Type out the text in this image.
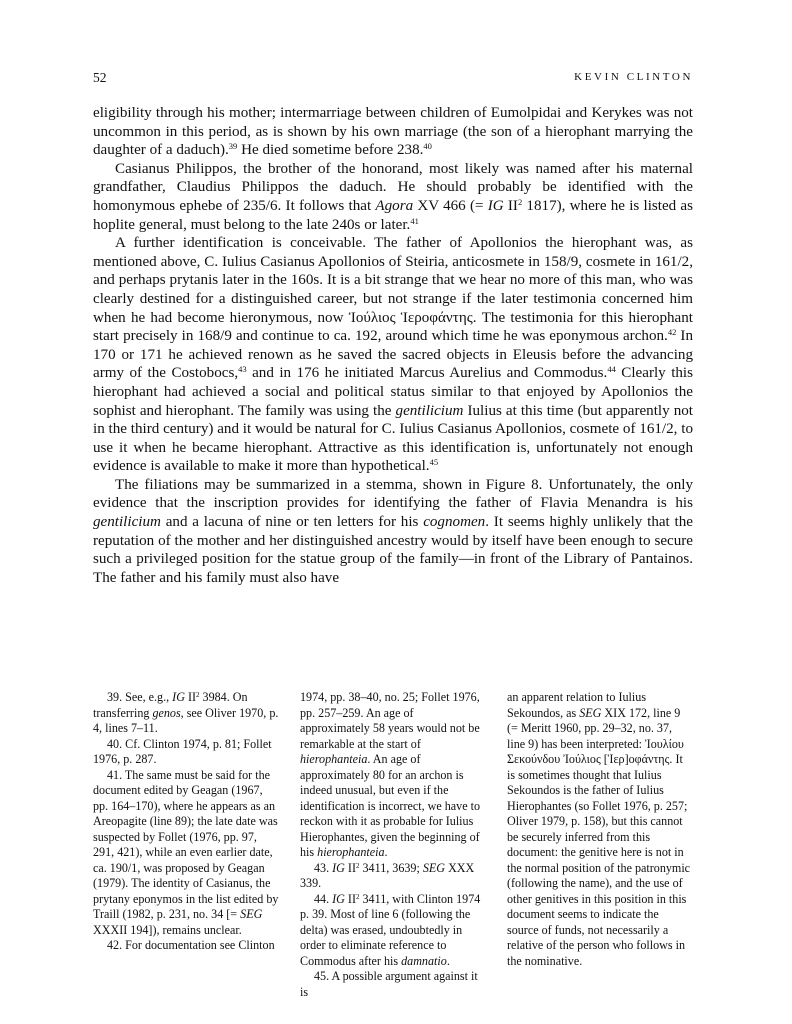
52	KEVIN CLINTON

eligibility through his mother; intermarriage between children of Eumolpidai and Kerykes was not uncommon in this period, as is shown by his own marriage (the son of a hierophant marrying the daughter of a daduch).$^{39}$ He died sometime before 238.40

Casianus Philippos, the brother of the honorand, most likely was named after his maternal grandfather, Claudius Philippos the daduch. He should probably be identified with the homonymous ephebe of 235/6. It follows that Agora XV 466 (= IG $II^2$ 1817), where he is listed as hoplite general, must belong to the late 240s or later.$^{41}$

A further identification is conceivable. The father of Apollonios the hierophant was, as mentioned above, C. Iulius Casianus Apollonios of Steiria, anticosmete in 158/9, cosmete in 161/2, and perhaps prytanis later in the 160s. It is a bit strange that we hear no more of this man, who was clearly destined for a distinguished career, but not strange if the later testimonia concerned him when he had become hieronymous, now Ἰούλιος Ἱεροφάντης. The testimonia for this hierophant start precisely in 168/9 and continue to ca. 192, around which time he was eponymous archon.$^{42}$ In 170 or 171 he achieved renown as he saved the sacred objects in Eleusis before the advancing army of the Costobocs,$^{43}$ and in 176 he initiated Marcus Aurelius and Commodus.$^{44}$ Clearly this hierophant had achieved a social and political status similar to that enjoyed by Apollonios the sophist and hierophant. The family was using the gentilicium Iulius at this time (but apparently not in the third century) and it would be natural for C. Iulius Casianus Apollonios, cosmete of 161/2, to use it when he became hierophant. Attractive as this identification is, unfortunately not enough evidence is available to make it more than hypothetical.$^{45}$

The filiations may be summarized in a stemma, shown in Figure 8. Unfortunately, the only evidence that the inscription provides for identifying the father of Flavia Menandra is his gentilicium and a lacuna of nine or ten letters for his cognomen. It seems highly unlikely that the reputation of the mother and her distinguished ancestry would by itself have been enough to secure such a privileged position for the statue group of the family—in front of the Library of Pantainos. The father and his family must also have

39. See, e.g., IG $II^2$ 3984. On transferring genos, see Oliver 1970, p. 4, lines 7–11.

40. Cf. Clinton 1974, p. 81; Follet 1976, p. 287.

41. The same must be said for the document edited by Geagan (1967, pp. 164–170), where he appears as an Areopagite (line 89); the late date was suspected by Follet (1976, pp. 97, 291, 421), while an even earlier date, ca. 190/1, was proposed by Geagan (1979). The identity of Casianus, the prytany eponymos in the list edited by Traill (1982, p. 231, no. 34 [= SEG XXXII 194]), remains unclear.

42. For documentation see Clinton

1974, pp. 38–40, no. 25; Follet 1976, pp. 257–259. An age of approximately 58 years would not be remarkable at the start of hierophanteia. An age of approximately 80 for an archon is indeed unusual, but even if the identification is incorrect, we have to reckon with it as probable for Iulius Hierophantes, given the beginning of his hierophanteia.

43. IG $II^2$ 3411, 3639; SEG XXX 339.

44. IG $II^2$ 3411, with Clinton 1974 p. 39. Most of line 6 (following the delta) was erased, undoubtedly in order to eliminate reference to Commodus after his damnatio.

45. A possible argument against it is

an apparent relation to Iulius Sekoundos, as SEG XIX 172, line 9 (= Meritt 1960, pp. 29–32, no. 37, line 9) has been interpreted: Ἰουλίου Σεκούνδου Ἰούλιος [Ἱερ]οφάντης. It is sometimes thought that Iulius Sekoundos is the father of Iulius Hierophantes (so Follet 1976, p. 257; Oliver 1979, p. 158), but this cannot be securely inferred from this document: the genitive here is not in the normal position of the patronymic (following the name), and the use of other genitives in this position in this document seems to indicate the source of funds, not necessarily a relative of the person who follows in the nominative.
